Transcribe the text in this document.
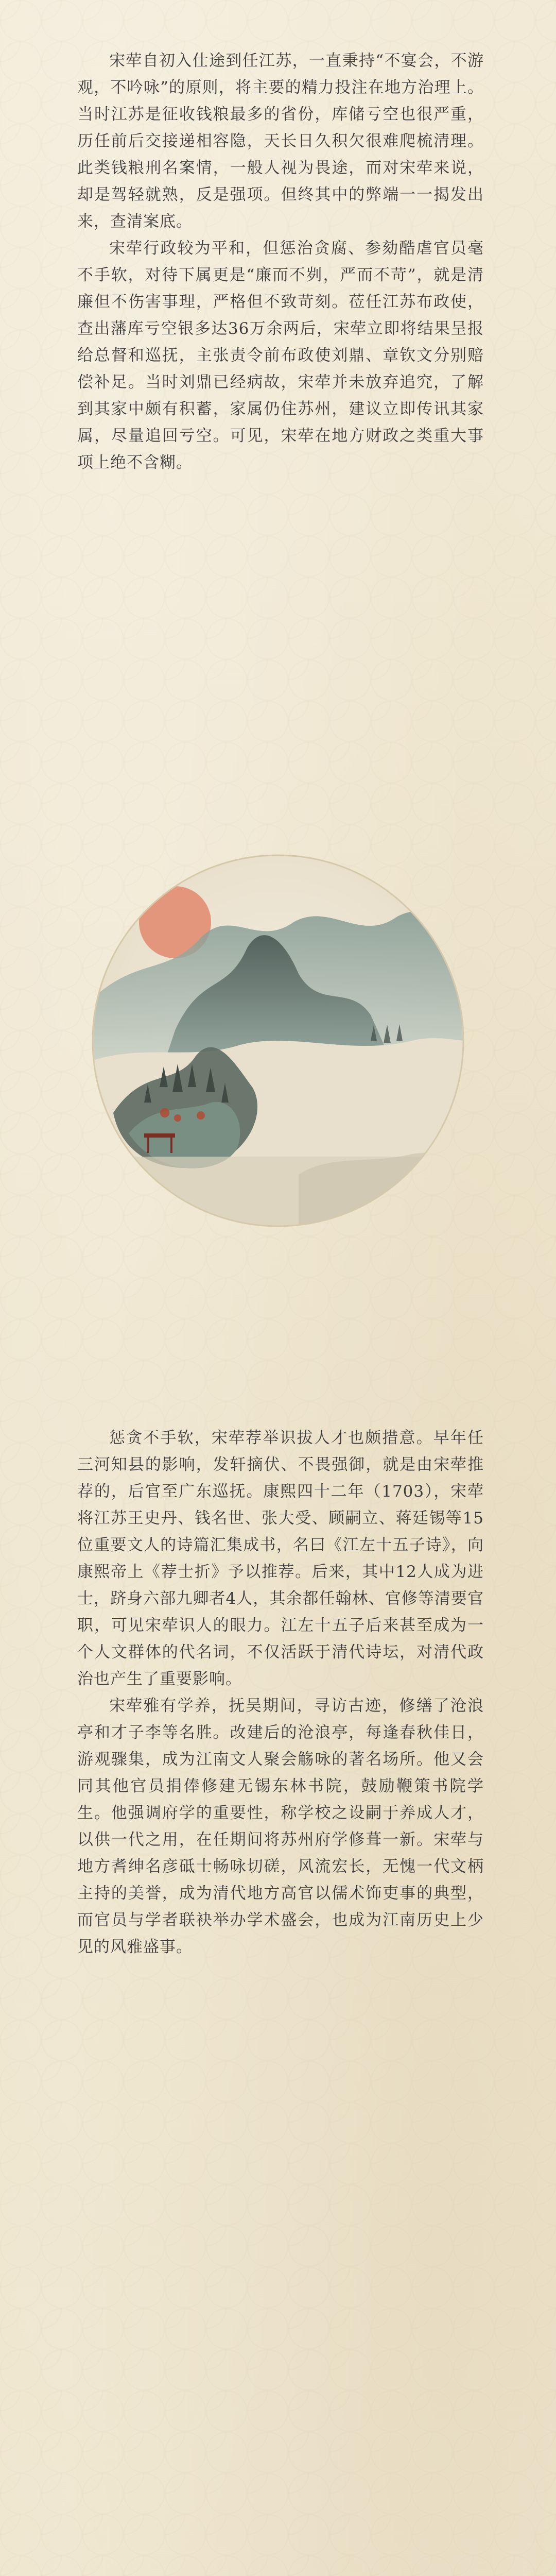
宋荦自初入仕途到任江苏，一直秉持“不宴会，不游观，不吟咏”的原则，将主要的精力投注在地方治理上。当时江苏是征收钱粮最多的省份，库储亏空也很严重，历任前后交接递相容隐，天长日久积欠很难爬梳清理。此类钱粮刑名案情，一般人视为畏途，而对宋荦来说，却是驾轻就熟，反是强项。但终其中的弊端一一揭发出来，查清案底。

宋荦行政较为平和，但惩治贪腐、参劾酷虐官员毫不手软，对待下属更是“廉而不刿，严而不苛”，就是清廉但不伤害事理，严格但不致苛刻。莅任江苏布政使，查出藩库亏空银多达36万余两后，宋荦立即将结果呈报给总督和巡抚，主张责令前布政使刘鼎、章钦文分别赔偿补足。当时刘鼎已经病故，宋荦并未放弃追究，了解到其家中颇有积蓄，家属仍住苏州，建议立即传讯其家属，尽量追回亏空。可见，宋荦在地方财政之类重大事项上绝不含糊。

惩贪不手软，宋荦荐举识拔人才也颇措意。早年任三河知县的影响，发轩摘伏、不畏强御，就是由宋荦推荐的，后官至广东巡抚。康熙四十二年（1703），宋荦将江苏王史丹、钱名世、张大受、顾嗣立、蒋廷锡等15位重要文人的诗篇汇集成书，名曰《江左十五子诗》，向康熙帝上《荐士折》予以推荐。后来，其中12人成为进士，跻身六部九卿者4人，其余都任翰林、官修等清要官职，可见宋荦识人的眼力。江左十五子后来甚至成为一个人文群体的代名词，不仅活跃于清代诗坛，对清代政治也产生了重要影响。

宋荦雅有学养，抚吴期间，寻访古迹，修缮了沧浪亭和才子李等名胜。改建后的沧浪亭，每逢春秋佳日，游观骤集，成为江南文人聚会觞咏的著名场所。他又会同其他官员捐俸修建无锡东林书院，鼓励鞭策书院学生。他强调府学的重要性，称学校之设嗣于养成人才，以供一代之用，在任期间将苏州府学修葺一新。宋荦与地方耆绅名彦砥士畅咏切磋，风流宏长，无愧一代文柄主持的美誉，成为清代地方高官以儒术饰吏事的典型，而官员与学者联袂举办学术盛会，也成为江南历史上少见的风雅盛事。
